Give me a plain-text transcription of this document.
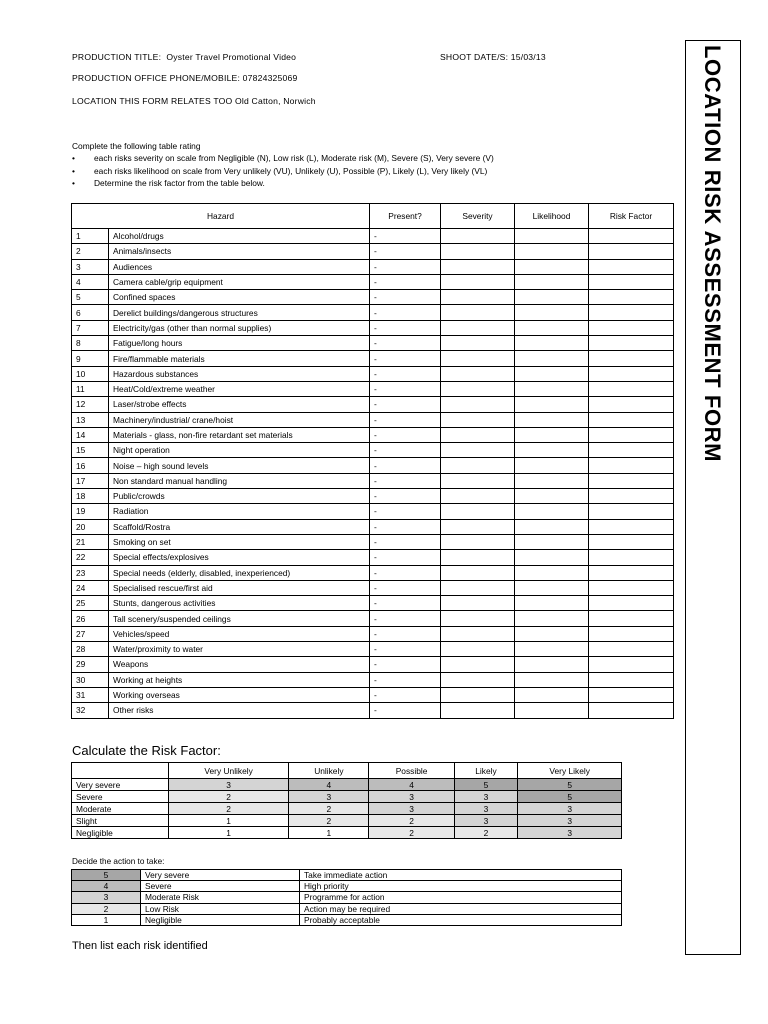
PRODUCTION TITLE: Oyster Travel Promotional Video	SHOOT DATE/S: 15/03/13
PRODUCTION OFFICE PHONE/MOBILE: 07824325069
LOCATION THIS FORM RELATES TOO Old Catton, Norwich
Complete the following table rating
• each risks severity on scale from Negligible (N), Low risk (L), Moderate risk (M), Severe (S), Very severe (V)
• each risks likelihood on scale from Very unlikely (VU), Unlikely (U), Possible (P), Likely (L), Very likely (VL)
• Determine the risk factor from the table below.
Hazard		Present?	Severity	Likelihood	Risk Factor
1	Alcohol/drugs	-			
2	Animals/insects	-			
3	Audiences	-			
4	Camera cable/grip equipment	-			
5	Confined spaces	-			
6	Derelict buildings/dangerous structures	-			
7	Electricity/gas (other than normal supplies)	-			
8	Fatigue/long hours	-			
9	Fire/flammable materials	-			
10	Hazardous substances	-			
11	Heat/Cold/extreme weather	-			
12	Laser/strobe effects	-			
13	Machinery/industrial/ crane/hoist	-			
14	Materials - glass, non-fire retardant set materials	-			
15	Night operation	-			
16	Noise – high sound levels	-			
17	Non standard manual handling	-			
18	Public/crowds	-			
19	Radiation	-			
20	Scaffold/Rostra	-			
21	Smoking on set	-			
22	Special effects/explosives	-			
23	Special needs (elderly, disabled, inexperienced)	-			
24	Specialised rescue/first aid	-			
25	Stunts, dangerous activities	-			
26	Tall scenery/suspended ceilings	-			
27	Vehicles/speed	-			
28	Water/proximity to water	-			
29	Weapons	-			
30	Working at heights	-			
31	Working overseas	-			
32	Other risks	-			
Calculate the Risk Factor:
	Very Unlikely	Unlikely	Possible	Likely	Very Likely
Very severe	3	4	4	5	5
Severe	2	3	3	3	5
Moderate	2	2	3	3	3
Slight	1	2	2	3	3
Negligible	1	1	2	2	3
Decide the action to take:
5	Very severe	Take immediate action
4	Severe	High priority
3	Moderate Risk	Programme for action
2	Low Risk	Action may be required
1	Negligible	Probably acceptable
Then list each risk identified
LOCATION RISK ASSESSMENT FORM
